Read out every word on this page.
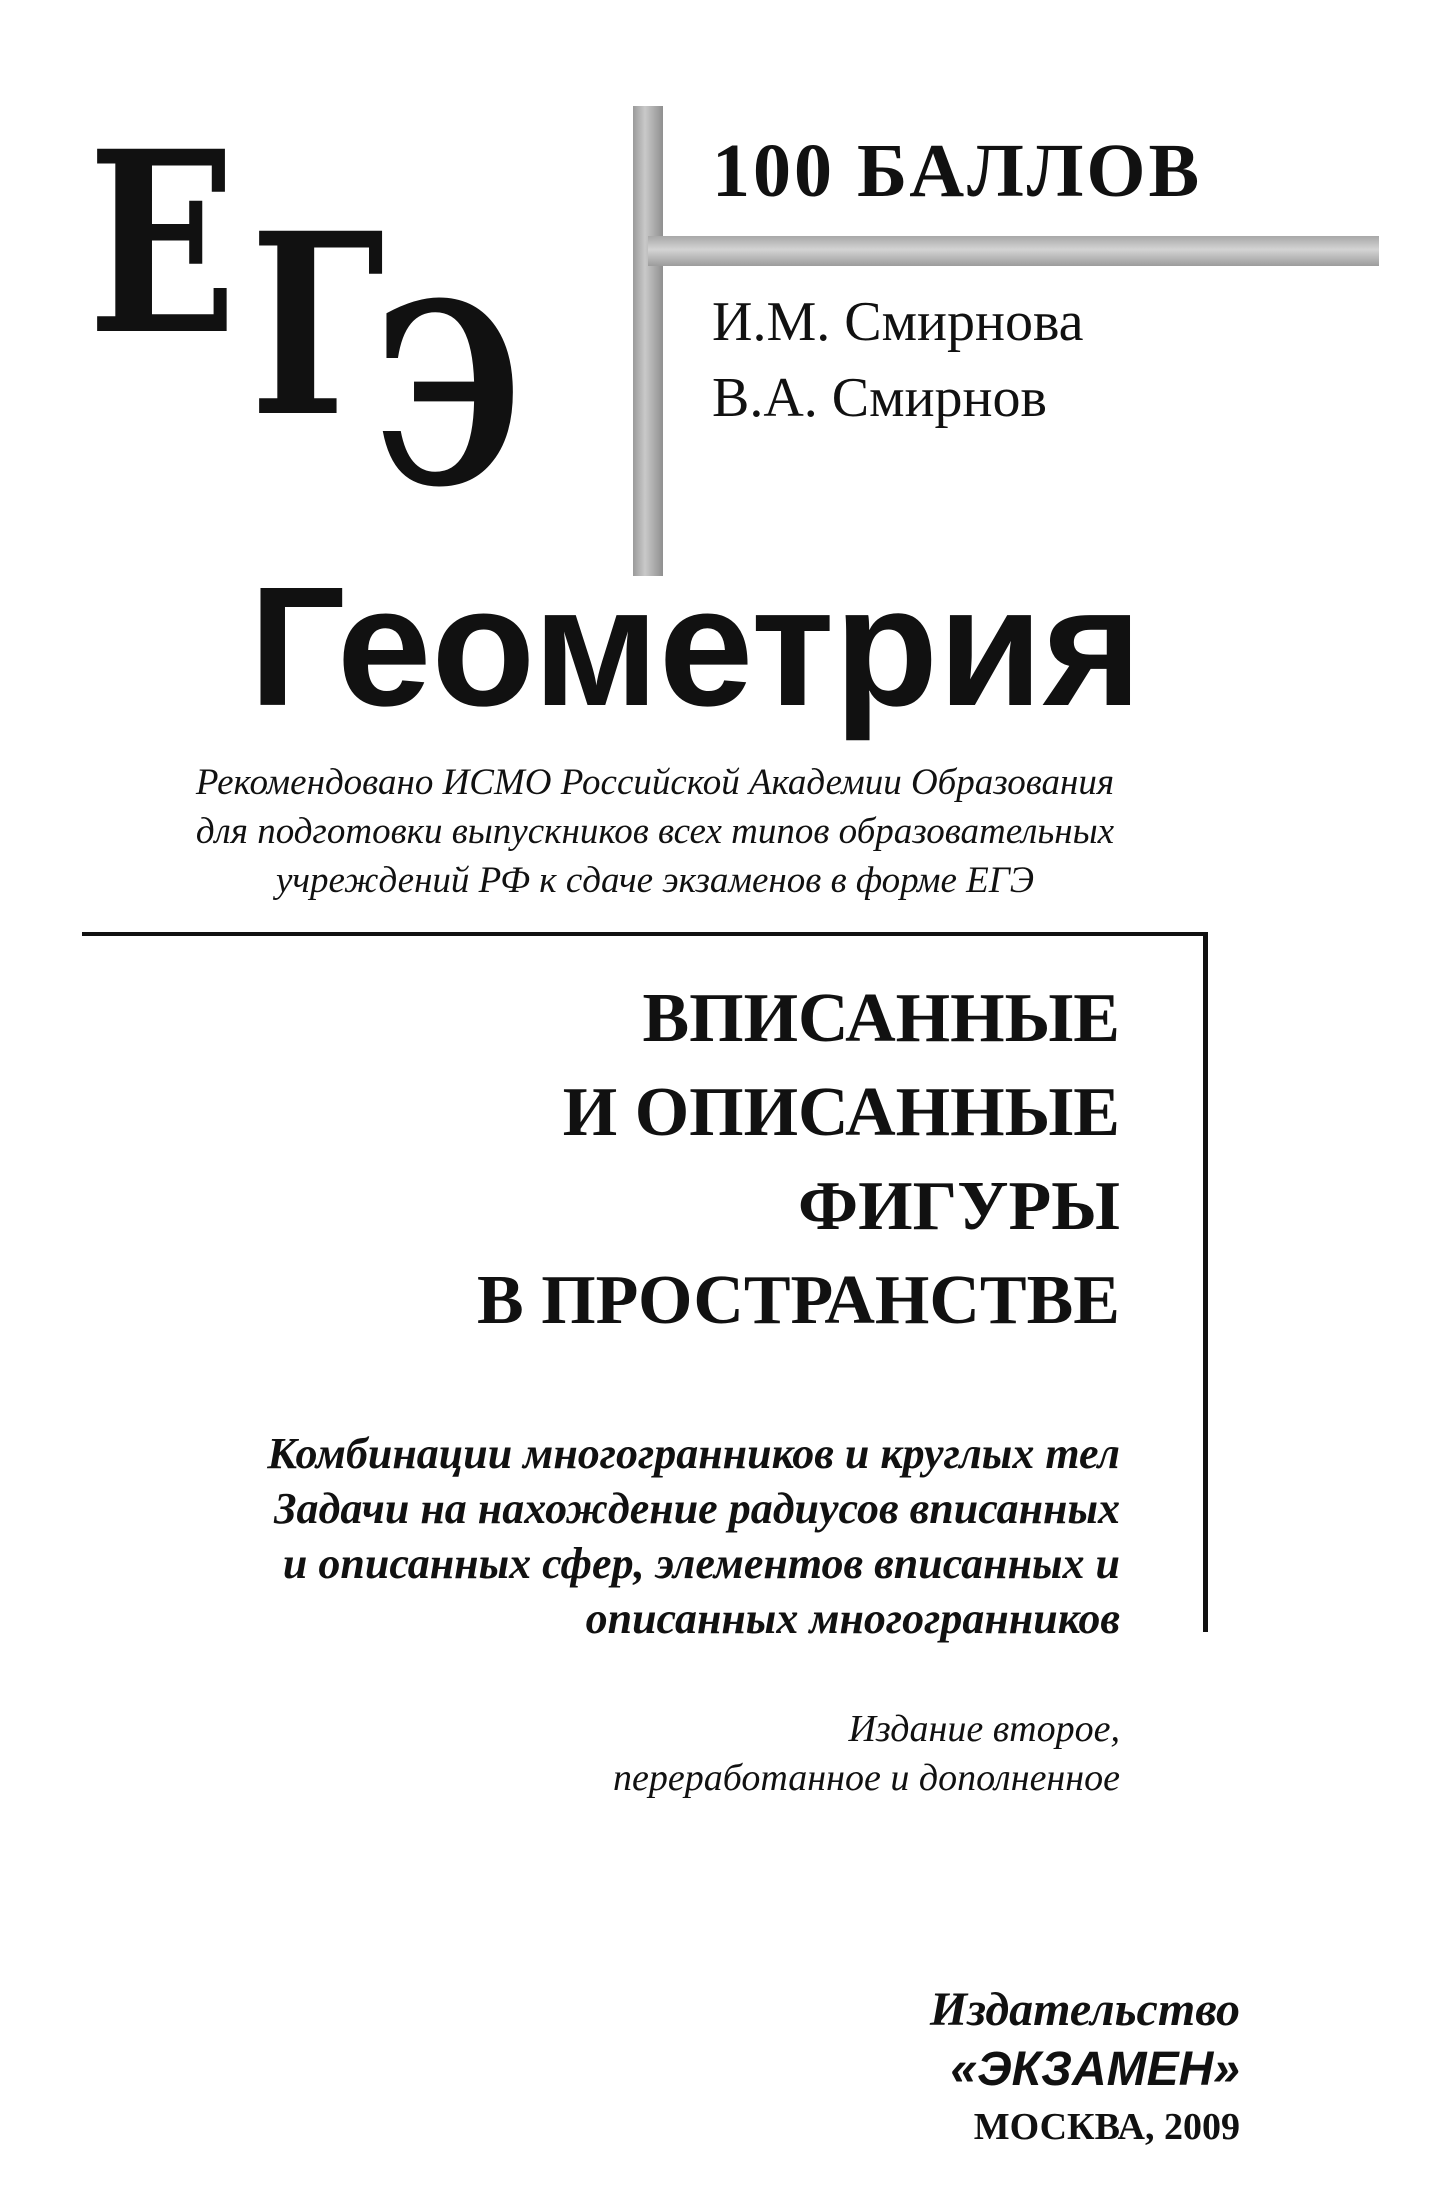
Е Г
Э
100 БАЛЛОВ
И.М. Смирнова
В.А. Смирнов
Геометрия
Рекомендовано ИСМО Российской Академии Образования
для подготовки выпускников всех типов образовательных
учреждений РФ к сдаче экзаменов в форме ЕГЭ
ВПИСАННЫЕ
И ОПИСАННЫЕ
ФИГУРЫ
В ПРОСТРАНСТВЕ
Комбинации многогранников и круглых тел
Задачи на нахождение радиусов вписанных
и описанных сфер, элементов вписанных и
описанных многогранников
Издание второе,
переработанное и дополненное
Издательство
«ЭКЗАМЕН»
МОСКВА, 2009
